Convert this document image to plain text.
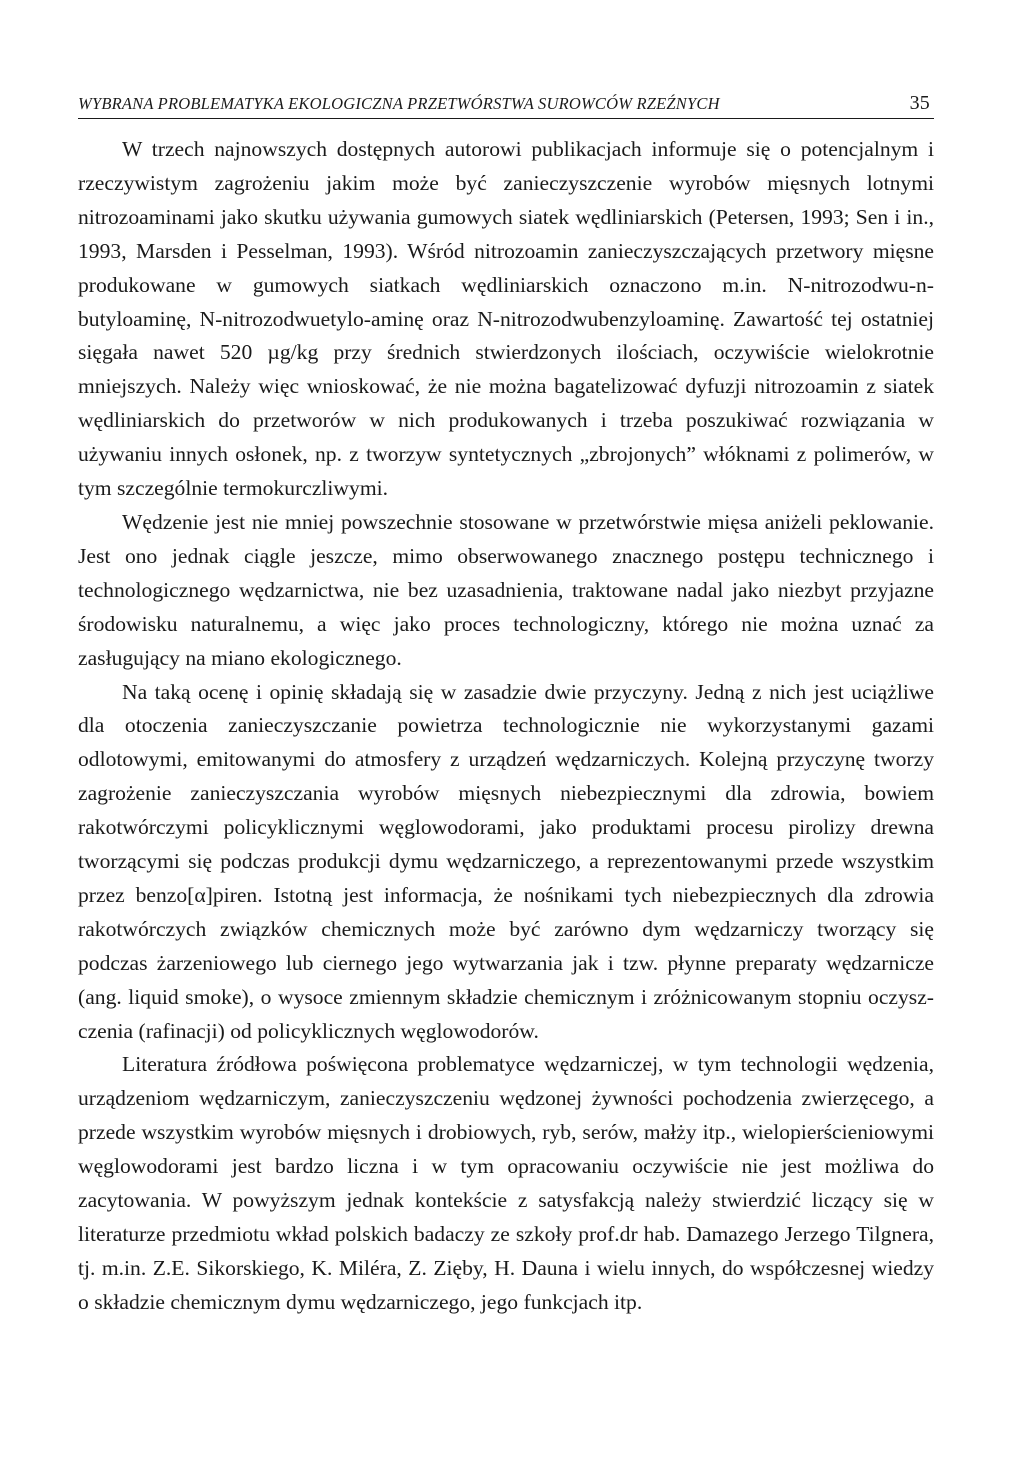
WYBRANA PROBLEMATYKA EKOLOGICZNA PRZETWÓRSTWA SUROWCÓW RZEŹNYCH	35

W trzech najnowszych dostępnych autorowi publikacjach informuje się o potencjalnym i rzeczywistym zagrożeniu jakim może być zanieczyszczenie wyrobów mięsnych lotnymi nitrozoaminami jako skutku używania gumowych siatek wędliniarskich (Petersen, 1993; Sen i in., 1993, Marsden i Pesselman, 1993). Wśród nitrozoamin zanieczyszczających przetwory mięsne produkowane w gumowych siatkach wędliniarskich oznaczono m.in. N-nitrozodwu-n-butyloaminę, N-nitrozodwuetylo-aminę oraz N-nitrozodwubenzyloaminę. Zawartość tej ostatniej sięgała nawet 520 µg/kg przy średnich stwierdzonych ilościach, oczywiście wielokrotnie mniejszych. Należy więc wnioskować, że nie można bagatelizować dyfuzji nitrozoamin z siatek wędliniarskich do przetworów w nich produkowanych i trzeba poszukiwać rozwiązania w używaniu innych osłonek, np. z tworzyw syntetycznych „zbrojonych” włóknami z polimerów, w tym szczególnie termokurczliwymi.

Wędzenie jest nie mniej powszechnie stosowane w przetwórstwie mięsa aniżeli peklowanie. Jest ono jednak ciągle jeszcze, mimo obserwowanego znacznego postępu technicznego i technologicznego wędzarnictwa, nie bez uzasadnienia, traktowane nadal jako niezbyt przyjazne środowisku naturalnemu, a więc jako proces technologiczny, którego nie można uznać za zasługujący na miano ekologicznego.

Na taką ocenę i opinię składają się w zasadzie dwie przyczyny. Jedną z nich jest uciążliwe dla otoczenia zanieczyszczanie powietrza technologicznie nie wykorzystanymi gazami odlotowymi, emitowanymi do atmosfery z urządzeń wędzarniczych. Kolejną przyczynę tworzy zagrożenie zanieczyszczania wyrobów mięsnych niebezpiecznymi dla zdrowia, bowiem rakotwórczymi policyklicznymi węglowodorami, jako produktami procesu pirolizy drewna tworzącymi się podczas produkcji dymu wędzarniczego, a reprezentowanymi przede wszystkim przez benzo[α]piren. Istotną jest informacja, że nośnikami tych niebezpiecznych dla zdrowia rakotwórczych związków chemicznych może być zarówno dym wędzarniczy tworzący się podczas żarzeniowego lub ciernego jego wytwarzania jak i tzw. płynne preparaty wędzarnicze (ang. liquid smoke), o wysoce zmiennym składzie chemicznym i zróżnicowanym stopniu oczyszczenia (rafinacji) od policyklicznych węglowodorów.

Literatura źródłowa poświęcona problematyce wędzarniczej, w tym technologii wędzenia, urządzeniom wędzarniczym, zanieczyszczeniu wędzonej żywności pochodzenia zwierzęcego, a przede wszystkim wyrobów mięsnych i drobiowych, ryb, serów, małży itp., wielopierścieniowymi węglowodorami jest bardzo liczna i w tym opracowaniu oczywiście nie jest możliwa do zacytowania. W powyższym jednak kontekście z satysfakcją należy stwierdzić liczący się w literaturze przedmiotu wkład polskich badaczy ze szkoły prof.dr hab. Damazego Jerzego Tilgnera, tj. m.in. Z.E. Sikorskiego, K. Miléra, Z. Zięby, H. Dauna i wielu innych, do współczesnej wiedzy o składzie chemicznym dymu wędzarniczego, jego funkcjach itp.
